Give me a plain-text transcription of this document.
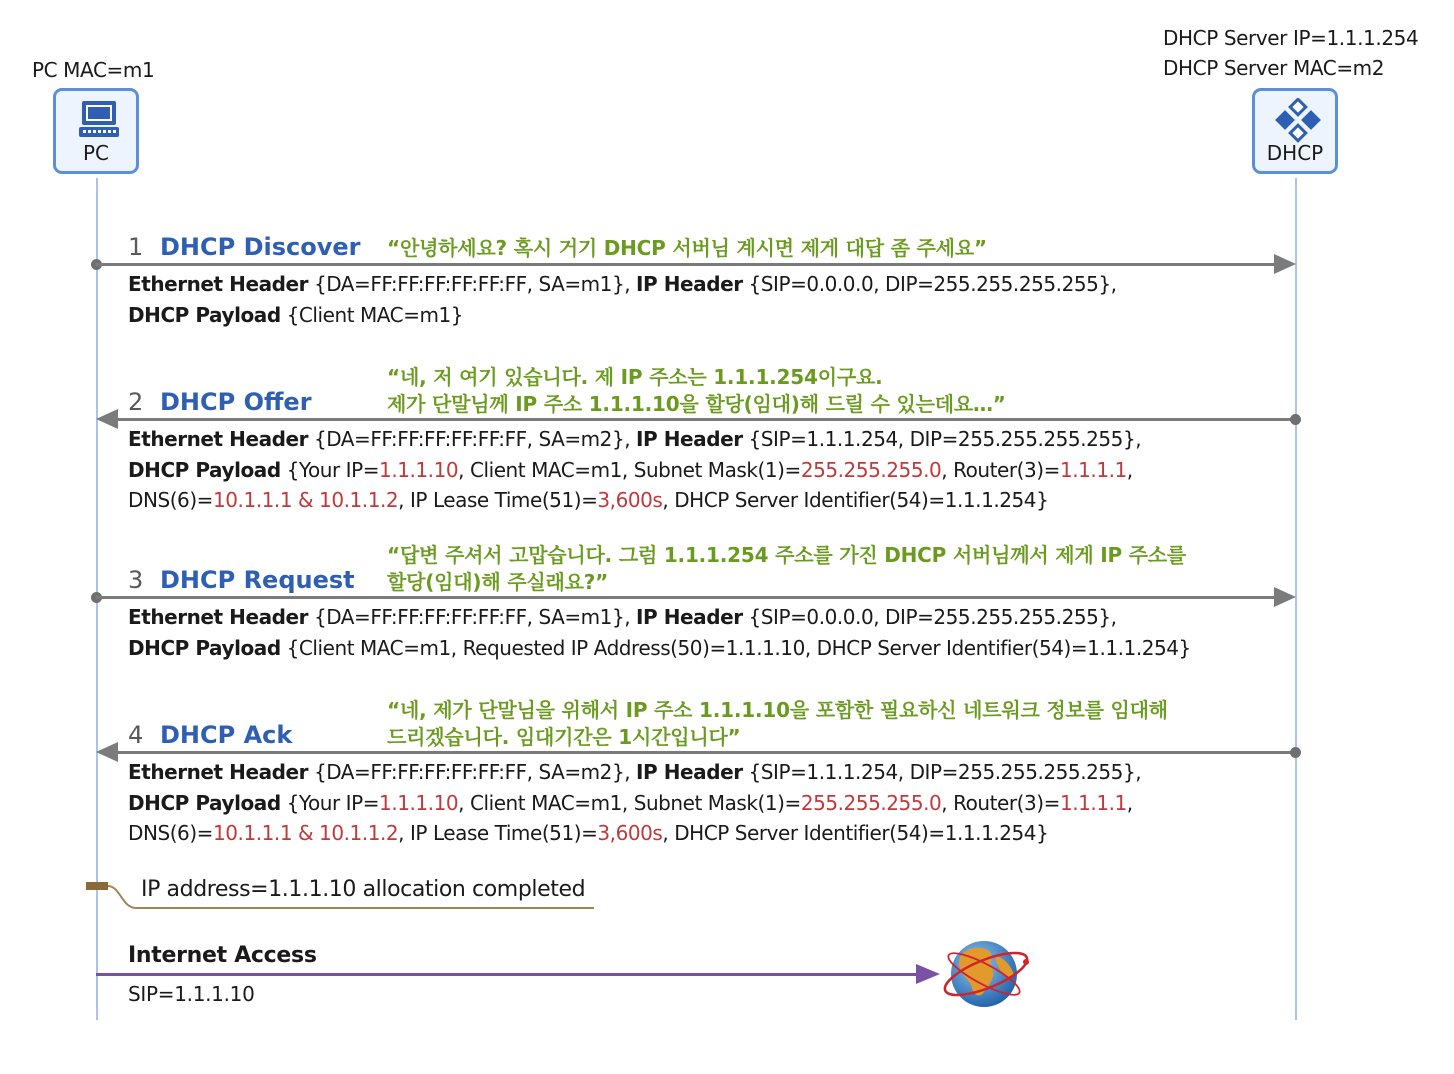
PC MAC=m1
DHCP Server IP=1.1.1.254
DHCP Server MAC=m2
PC	DHCP
1 DHCP Discover “안녕하세요? 혹시 거기 DHCP 서버님 계시면 제게 대답 좀 주세요”
Ethernet Header {DA=FF:FF:FF:FF:FF:FF, SA=m1}, IP Header {SIP=0.0.0.0, DIP=255.255.255.255},
DHCP Payload {Client MAC=m1}
“네, 저 여기 있습니다. 제 IP 주소는 1.1.1.254이구요.
제가 단말님께 IP 주소 1.1.1.10을 할당(임대)해 드릴 수 있는데요…”
2 DHCP Offer
Ethernet Header {DA=FF:FF:FF:FF:FF:FF, SA=m2}, IP Header {SIP=1.1.1.254, DIP=255.255.255.255},
DHCP Payload {Your IP=1.1.1.10, Client MAC=m1, Subnet Mask(1)=255.255.255.0, Router(3)=1.1.1.1,
DNS(6)=10.1.1.1 & 10.1.1.2, IP Lease Time(51)=3,600s, DHCP Server Identifier(54)=1.1.1.254}
“답변 주셔서 고맙습니다. 그럼 1.1.1.254 주소를 가진 DHCP 서버님께서 제게 IP 주소를
할당(임대)해 주실래요?”
3 DHCP Request
Ethernet Header {DA=FF:FF:FF:FF:FF:FF, SA=m1}, IP Header {SIP=0.0.0.0, DIP=255.255.255.255},
DHCP Payload {Client MAC=m1, Requested IP Address(50)=1.1.1.10, DHCP Server Identifier(54)=1.1.1.254}
“네, 제가 단말님을 위해서 IP 주소 1.1.1.10을 포함한 필요하신 네트워크 정보를 임대해
드리겠습니다. 임대기간은 1시간입니다”
4 DHCP Ack
Ethernet Header {DA=FF:FF:FF:FF:FF:FF, SA=m2}, IP Header {SIP=1.1.1.254, DIP=255.255.255.255},
DHCP Payload {Your IP=1.1.1.10, Client MAC=m1, Subnet Mask(1)=255.255.255.0, Router(3)=1.1.1.1,
DNS(6)=10.1.1.1 & 10.1.1.2, IP Lease Time(51)=3,600s, DHCP Server Identifier(54)=1.1.1.254}
IP address=1.1.1.10 allocation completed
Internet Access
SIP=1.1.1.10
